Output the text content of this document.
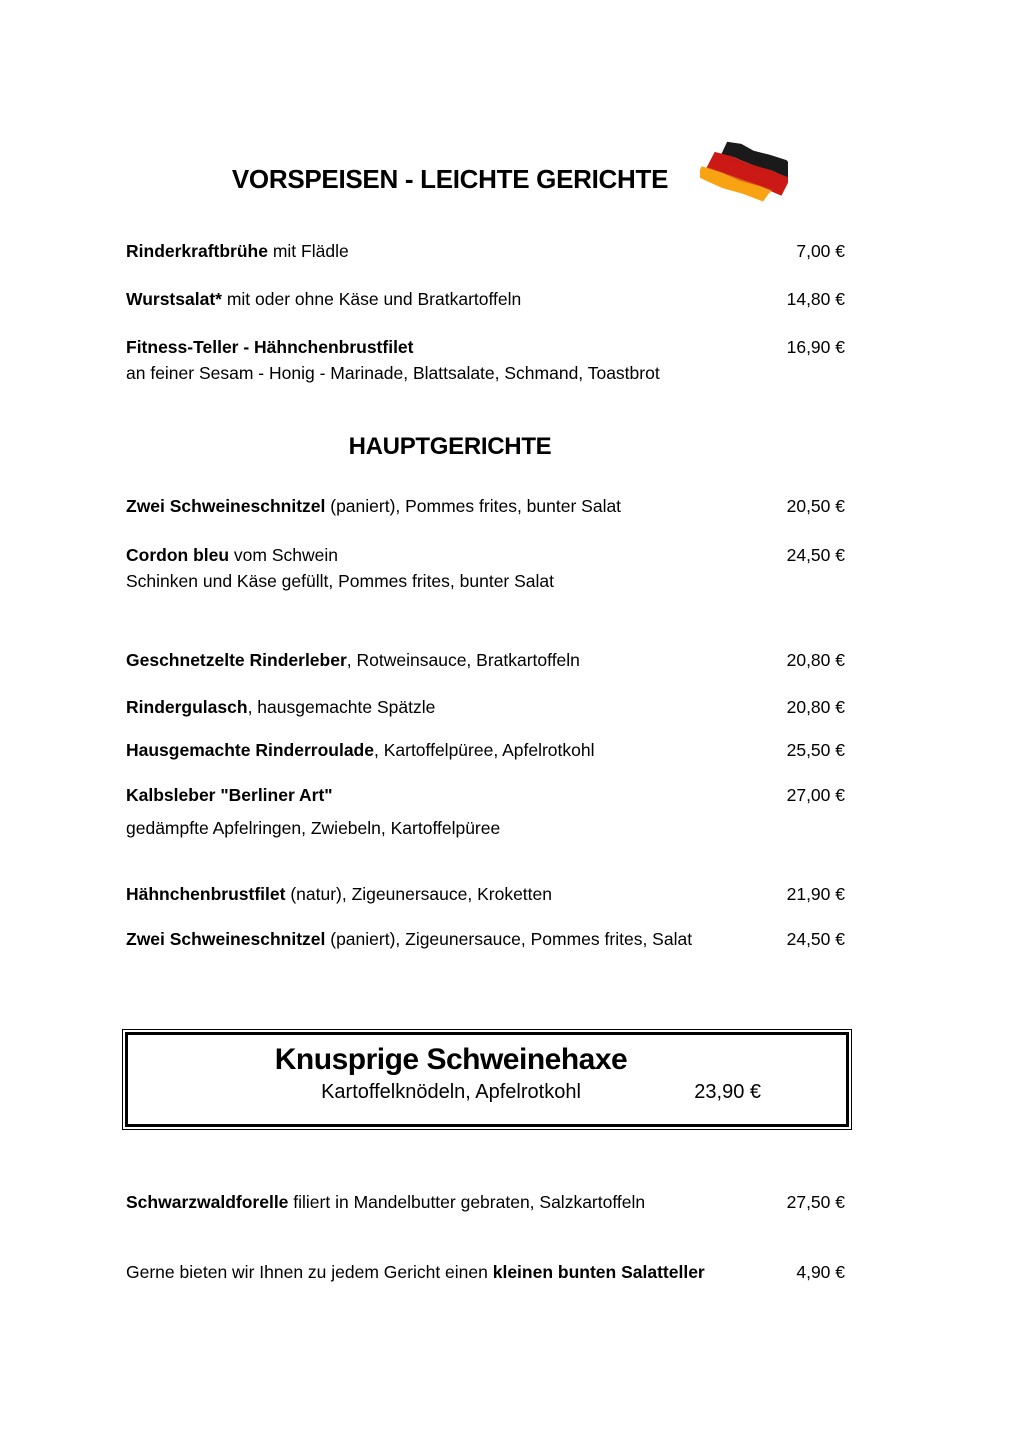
VORSPEISEN - LEICHTE GERICHTE
Rinderkraftbrühe mit Flädle	7,00 €
Wurstsalat* mit oder ohne Käse und Bratkartoffeln	14,80 €
Fitness-Teller - Hähnchenbrustfilet	16,90 €
an feiner Sesam - Honig - Marinade, Blattsalate, Schmand, Toastbrot
HAUPTGERICHTE
Zwei Schweineschnitzel (paniert), Pommes frites, bunter Salat	20,50 €
Cordon bleu vom Schwein	24,50 €
Schinken und Käse gefüllt, Pommes frites, bunter Salat
Geschnetzelte Rinderleber, Rotweinsauce, Bratkartoffeln	20,80 €
Rindergulasch, hausgemachte Spätzle	20,80 €
Hausgemachte Rinderroulade, Kartoffelpüree, Apfelrotkohl	25,50 €
Kalbsleber "Berliner Art"	27,00 €
gedämpfte Apfelringen, Zwiebeln, Kartoffelpüree
Hähnchenbrustfilet (natur), Zigeunersauce, Kroketten	21,90 €
Zwei Schweineschnitzel (paniert), Zigeunersauce, Pommes frites, Salat	24,50 €
Knusprige Schweinehaxe
Kartoffelknödeln, Apfelrotkohl	23,90 €
Schwarzwaldforelle filiert in Mandelbutter gebraten, Salzkartoffeln	27,50 €
Gerne bieten wir Ihnen zu jedem Gericht einen kleinen bunten Salatteller	4,90 €
